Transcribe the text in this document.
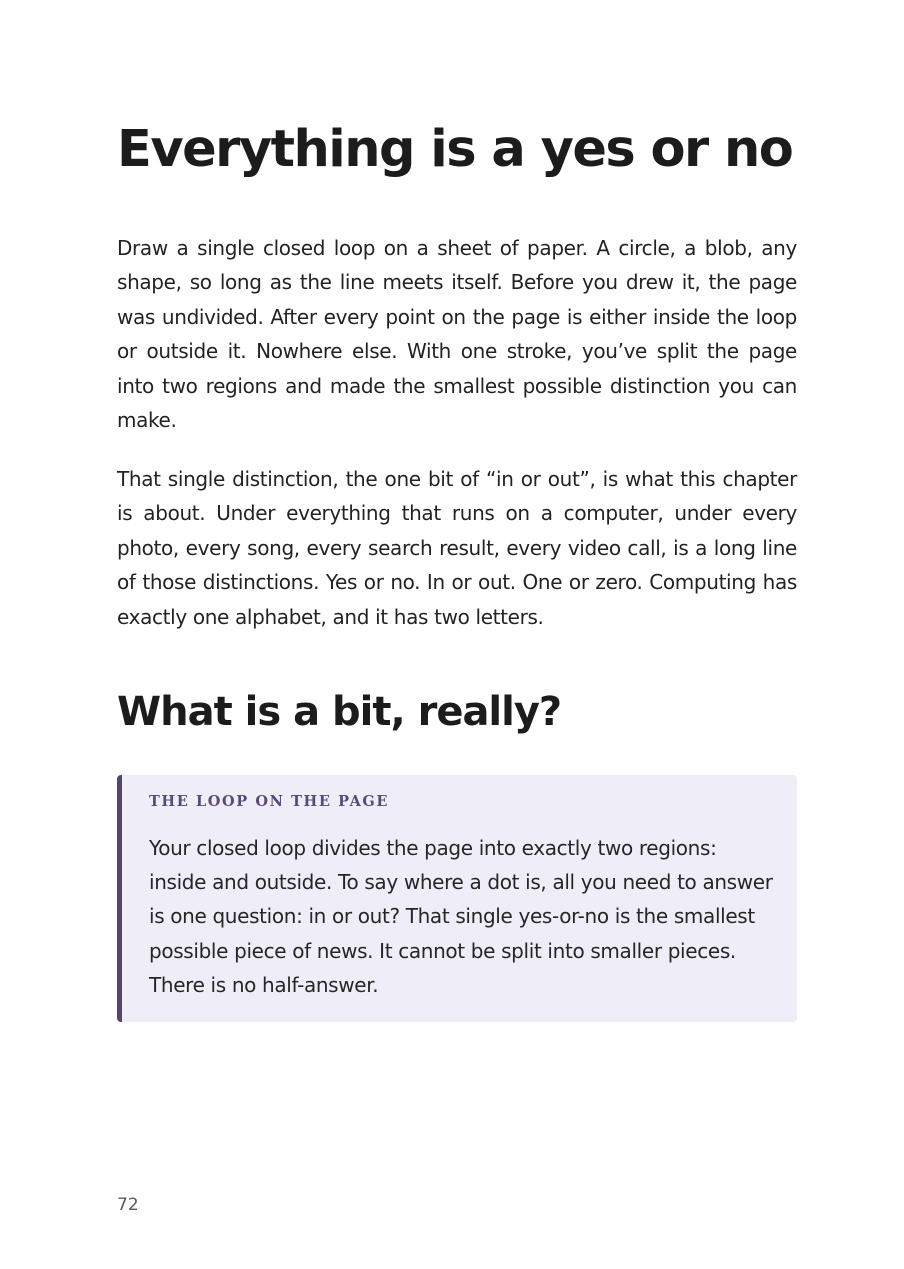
Everything is a yes or no

Draw a single closed loop on a sheet of paper. A circle, a blob, any shape, so long as the line meets itself. Before you drew it, the page was undivided. After every point on the page is either inside the loop or outside it. Nowhere else. With one stroke, you’ve split the page into two regions and made the smallest possible distinction you can make.

That single distinction, the one bit of “in or out”, is what this chapter is about. Under everything that runs on a computer, under every photo, every song, every search result, every video call, is a long line of those distinctions. Yes or no. In or out. One or zero. Computing has exactly one alphabet, and it has two letters.

What is a bit, really?
THE LOOP ON THE PAGE

Your closed loop divides the page into exactly two regions: inside and outside. To say where a dot is, all you need to answer is one question: in or out? That single yes-or-no is the smallest possible piece of news. It cannot be split into smaller pieces. There is no half-answer.

72
